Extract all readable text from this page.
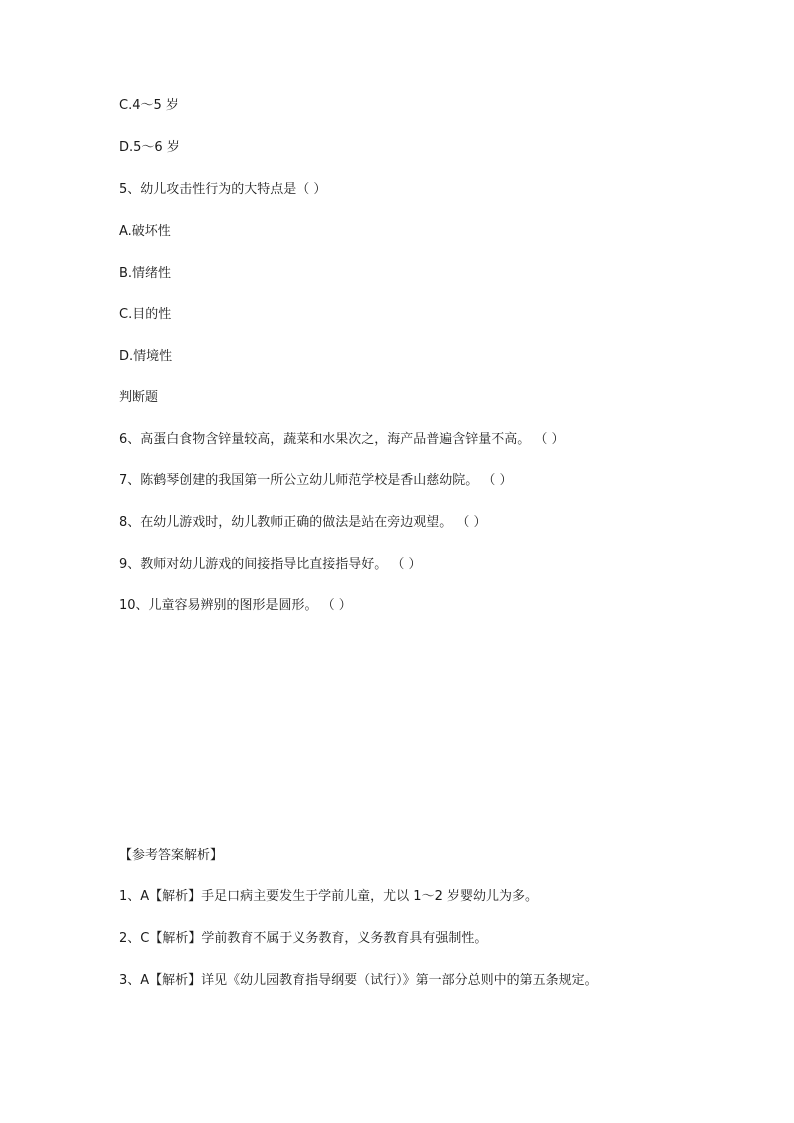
C.4～5 岁
D.5～6 岁
5、幼儿攻击性行为的大特点是（ ）
A.破坏性
B.情绪性
C.目的性
D.情境性
判断题
6、高蛋白食物含锌量较高，蔬菜和水果次之，海产品普遍含锌量不高。 （ ）
7、陈鹤琴创建的我国第一所公立幼儿师范学校是香山慈幼院。 （ ）
8、在幼儿游戏时，幼儿教师正确的做法是站在旁边观望。 （ ）
9、教师对幼儿游戏的间接指导比直接指导好。 （ ）
10、儿童容易辨别的图形是圆形。 （ ）
【参考答案解析】
1、A【解析】手足口病主要发生于学前儿童，尤以 1～2 岁婴幼儿为多。
2、C【解析】学前教育不属于义务教育，义务教育具有强制性。
3、A【解析】详见《幼儿园教育指导纲要（试行）》第一部分总则中的第五条规定。
